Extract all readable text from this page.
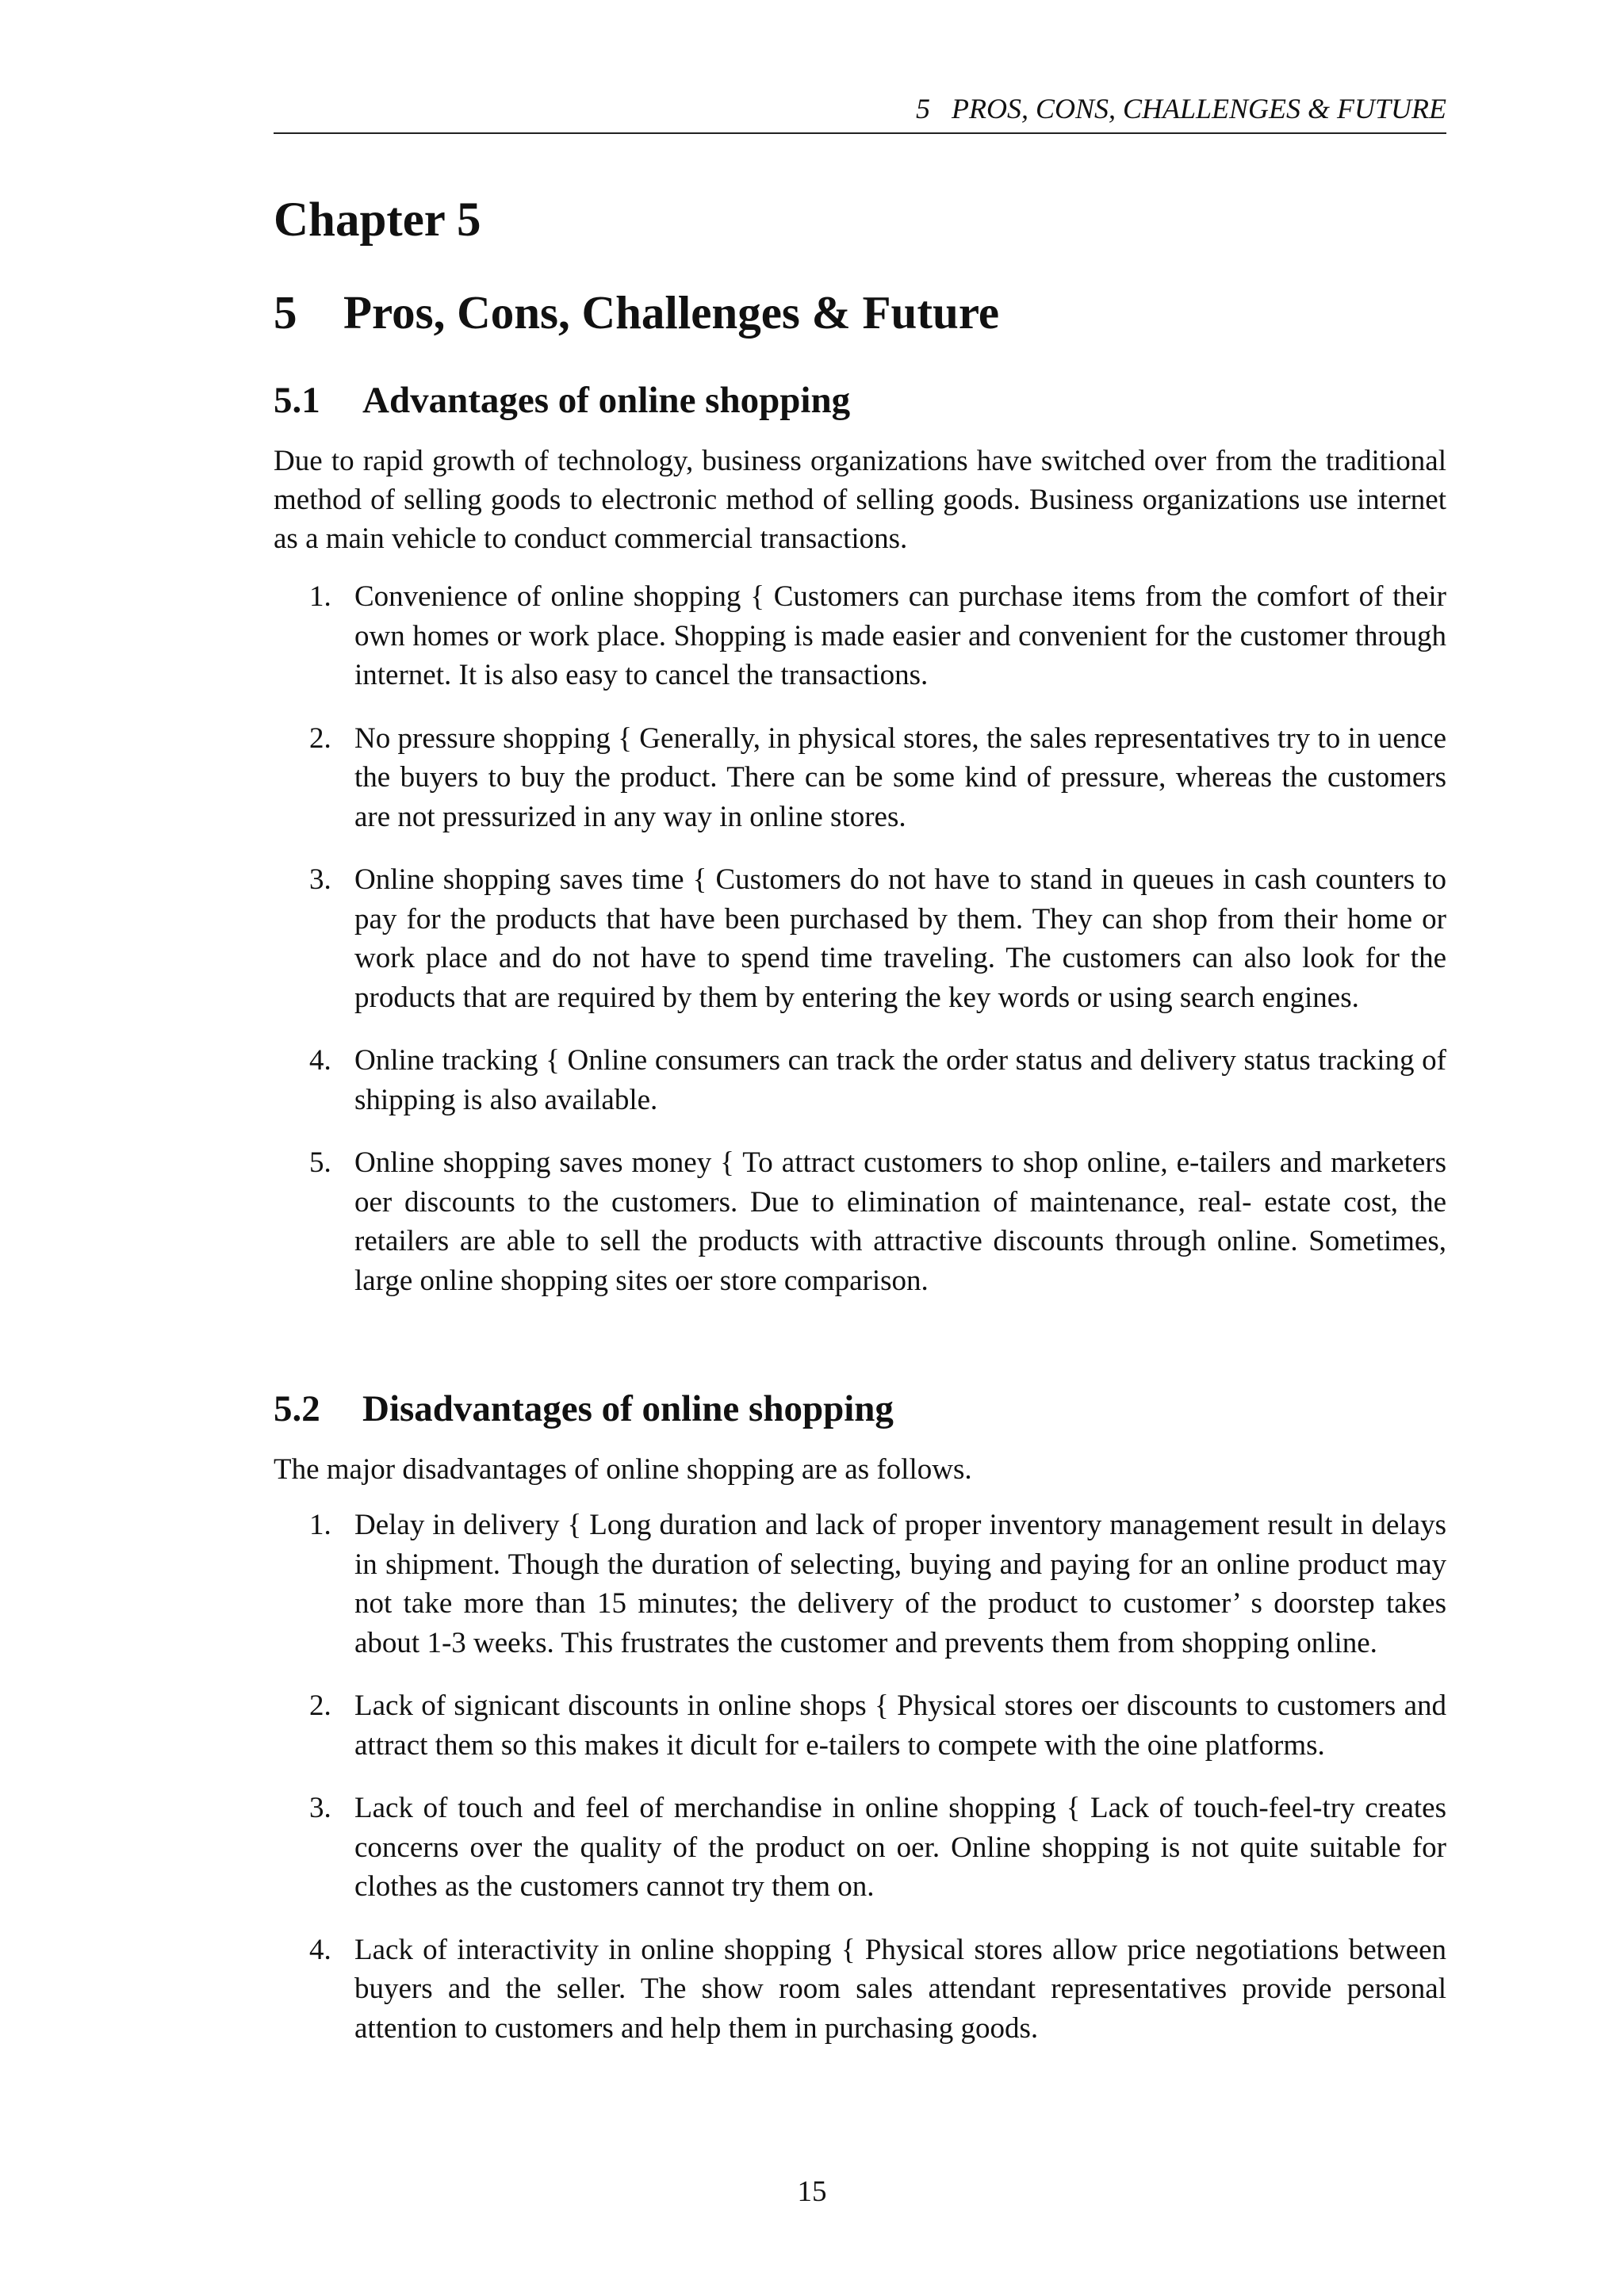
5   PROS, CONS, CHALLENGES & FUTURE
Chapter 5
5 Pros, Cons, Challenges & Future
5.1 Advantages of online shopping

Due to rapid growth of technology, business organizations have switched over from the traditional method of selling goods to electronic method of selling goods. Business organizations use internet as a main vehicle to conduct commercial transactions.

1. Convenience of online shopping { Customers can purchase items from the comfort of their own homes or work place. Shopping is made easier and convenient for the customer through internet. It is also easy to cancel the transactions.
2. No pressure shopping { Generally, in physical stores, the sales representatives try to in uence the buyers to buy the product. There can be some kind of pressure, whereas the customers are not pressurized in any way in online stores.
3. Online shopping saves time { Customers do not have to stand in queues in cash counters to pay for the products that have been purchased by them. They can shop from their home or work place and do not have to spend time traveling. The customers can also look for the products that are required by them by entering the key words or using search engines.
4. Online tracking { Online consumers can track the order status and delivery status tracking of shipping is also available.
5. Online shopping saves money { To attract customers to shop online, e-tailers and marketers oer discounts to the customers. Due to elimination of maintenance, real- estate cost, the retailers are able to sell the products with attractive discounts through online. Sometimes, large online shopping sites oer store comparison.
5.2 Disadvantages of online shopping

The major disadvantages of online shopping are as follows.

1. Delay in delivery { Long duration and lack of proper inventory management result in delays in shipment. Though the duration of selecting, buying and paying for an online product may not take more than 15 minutes; the delivery of the product to customer’ s doorstep takes about 1-3 weeks. This frustrates the customer and prevents them from shopping online.
2. Lack of signicant discounts in online shops { Physical stores oer discounts to customers and attract them so this makes it dicult for e-tailers to compete with the oine platforms.
3. Lack of touch and feel of merchandise in online shopping { Lack of touch-feel-try creates concerns over the quality of the product on oer. Online shopping is not quite suitable for clothes as the customers cannot try them on.
4. Lack of interactivity in online shopping { Physical stores allow price negotiations between buyers and the seller. The show room sales attendant representatives provide personal attention to customers and help them in purchasing goods.
15
